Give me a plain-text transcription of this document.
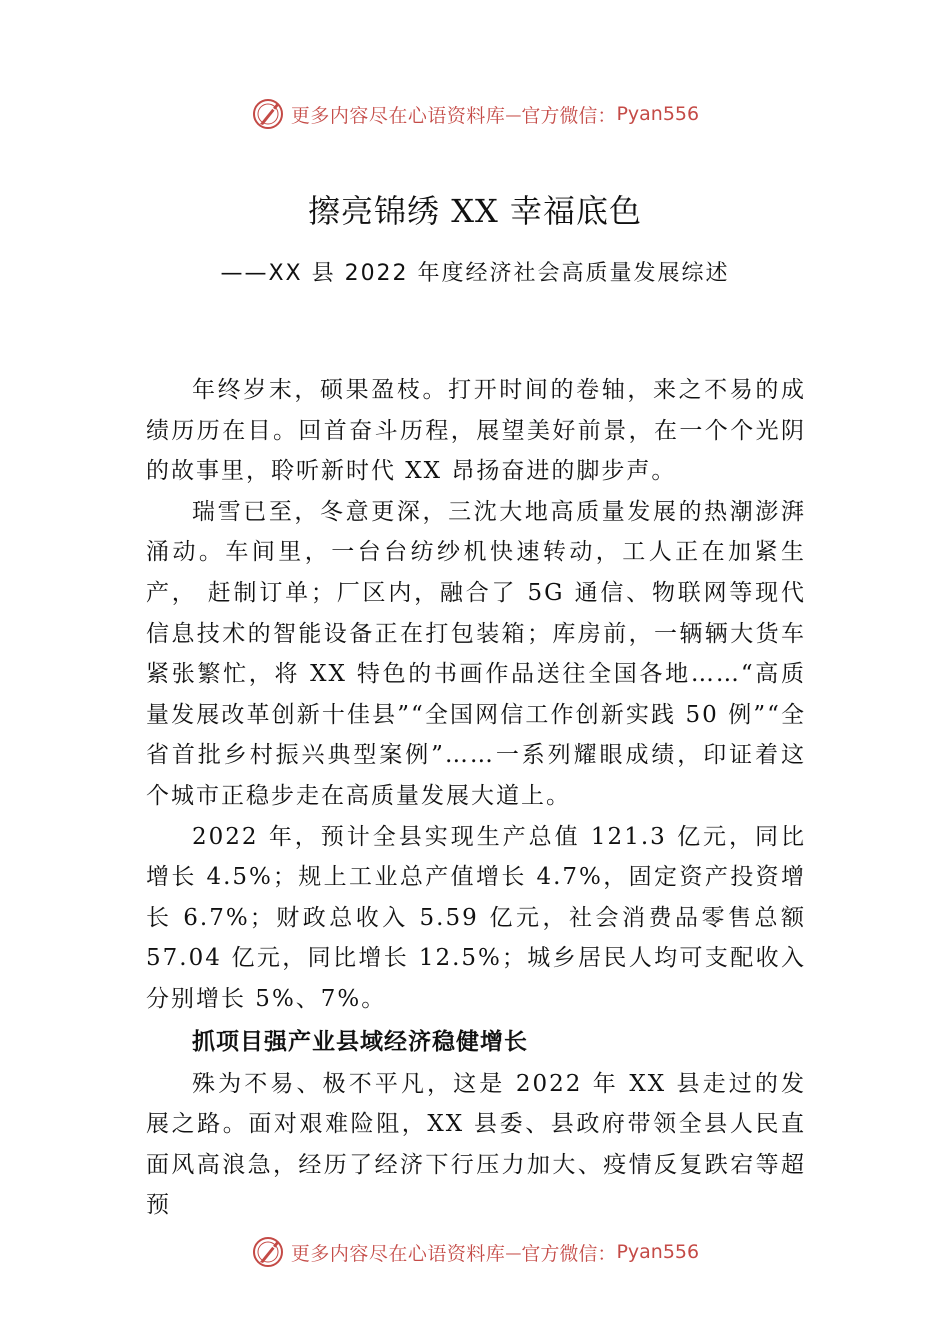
更多内容尽在心语资料库 — 官方微信： Pyan556
擦亮锦绣 XX 幸福底色
——XX 县 2022 年度经济社会高质量发展综述

年终岁末，硕果盈枝。打开时间的卷轴，来之不易的成绩历历在目。回首奋斗历程，展望美好前景，在一个个光阴的故事里，聆听新时代 XX 昂扬奋进的脚步声。

瑞雪已至，冬意更深，三沈大地高质量发展的热潮澎湃涌动。车间里，一台台纺纱机快速转动，工人正在加紧生产， 赶制订单；厂区内，融合了 5G 通信、物联网等现代信息技术的智能设备正在打包装箱；库房前，一辆辆大货车紧张繁忙，将 XX 特色的书画作品送往全国各地……“高质量发展改革创新十佳县”“全国网信工作创新实践 50 例”“全省首批乡村振兴典型案例”……一系列耀眼成绩，印证着这个城市正稳步走在高质量发展大道上。

2022 年，预计全县实现生产总值 121.3 亿元，同比增长 4.5%；规上工业总产值增长 4.7%，固定资产投资增长 6.7%；财政总收入 5.59 亿元，社会消费品零售总额 57.04 亿元，同比增长 12.5%；城乡居民人均可支配收入分别增长 5%、7%。

抓项目强产业县域经济稳健增长

殊为不易、极不平凡，这是 2022 年 XX 县走过的发展之路。面对艰难险阻，XX 县委、县政府带领全县人民直面风高浪急，经历了经济下行压力加大、疫情反复跌宕等超预

更多内容尽在心语资料库 — 官方微信： Pyan556
